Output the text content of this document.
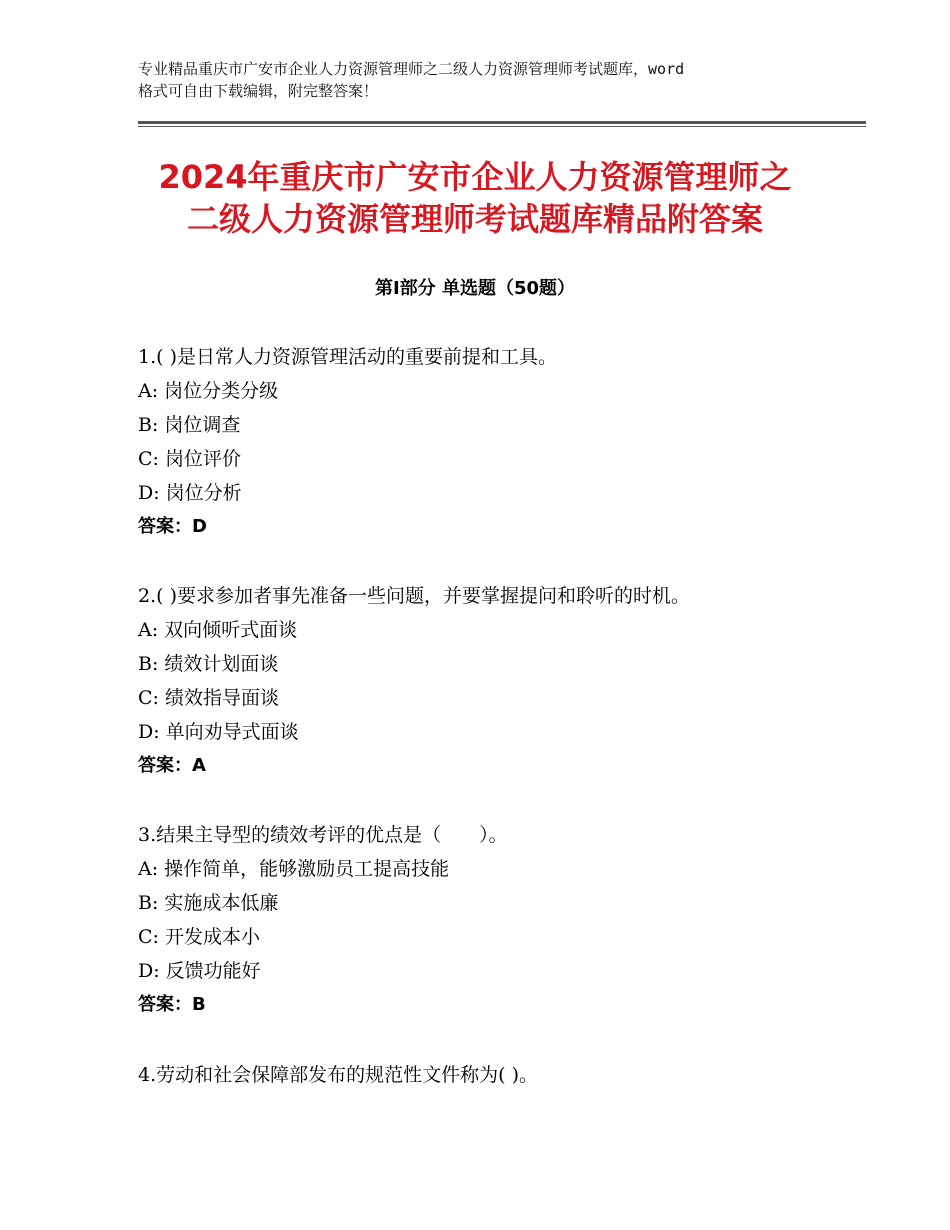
专业精品重庆市广安市企业人力资源管理师之二级人力资源管理师考试题库，word
格式可自由下载编辑，附完整答案！
2024年重庆市广安市企业人力资源管理师之
二级人力资源管理师考试题库精品附答案
第Ⅰ部分 单选题（50题）
1.( )是日常人力资源管理活动的重要前提和工具。
A: 岗位分类分级
B: 岗位调查
C: 岗位评价
D: 岗位分析
答案：D
2.( )要求参加者事先准备一些问题，并要掌握提问和聆听的时机。
A: 双向倾听式面谈
B: 绩效计划面谈
C: 绩效指导面谈
D: 单向劝导式面谈
答案：A
3.结果主导型的绩效考评的优点是（　　）。
A: 操作简单，能够激励员工提高技能
B: 实施成本低廉
C: 开发成本小
D: 反馈功能好
答案：B
4.劳动和社会保障部发布的规范性文件称为( )。
